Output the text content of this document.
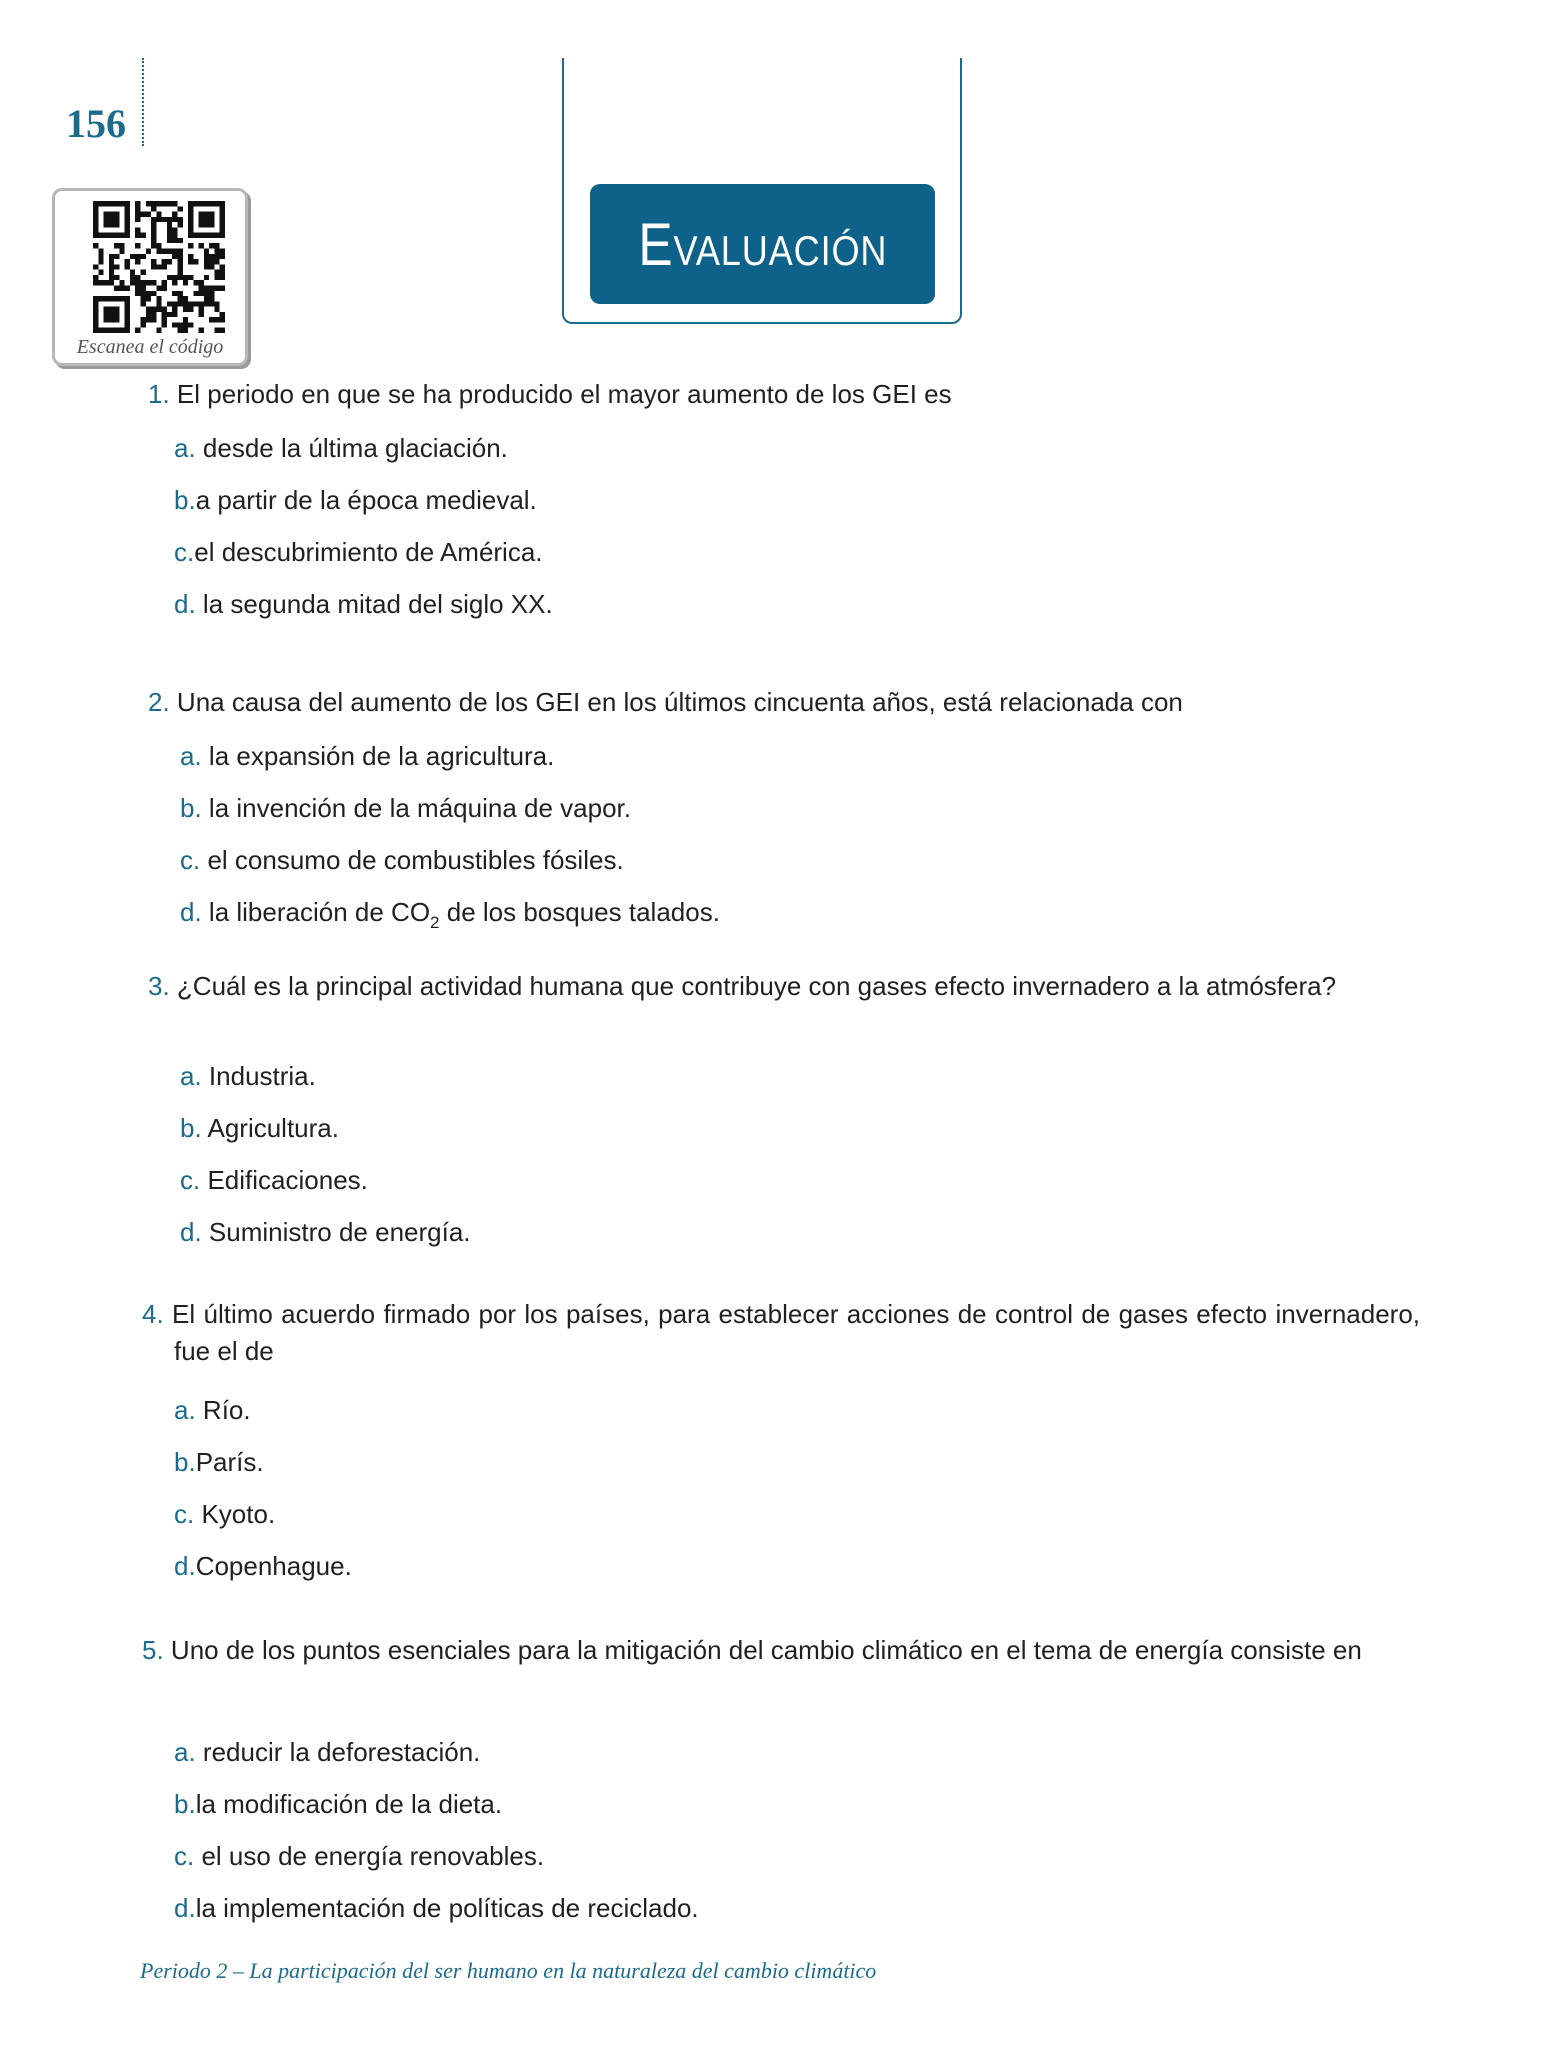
156
Escanea el código
Evaluación
1. El periodo en que se ha producido el mayor aumento de los GEI es
a. desde la última glaciación.
b.a partir de la época medieval.
c.el descubrimiento de América.
d. la segunda mitad del siglo XX.
2. Una causa del aumento de los GEI en los últimos cincuenta años, está relacionada con
a. la expansión de la agricultura.
b. la invención de la máquina de vapor.
c. el consumo de combustibles fósiles.
d. la liberación de $CO_2$ de los bosques talados.
3. ¿Cuál es la principal actividad humana que contribuye con gases efecto invernadero a la atmósfera?
a. Industria.
b. Agricultura.
c. Edificaciones.
d. Suministro de energía.
4. El último acuerdo firmado por los países, para establecer acciones de control de gases efecto invernadero, fue el de
a. Río.
b.París.
c. Kyoto.
d.Copenhague.
5. Uno de los puntos esenciales para la mitigación del cambio climático en el tema de energía consiste en
a. reducir la deforestación.
b.la modificación de la dieta.
c. el uso de energía renovables.
d.la implementación de políticas de reciclado.
Periodo 2 – La participación del ser humano en la naturaleza del cambio climático
